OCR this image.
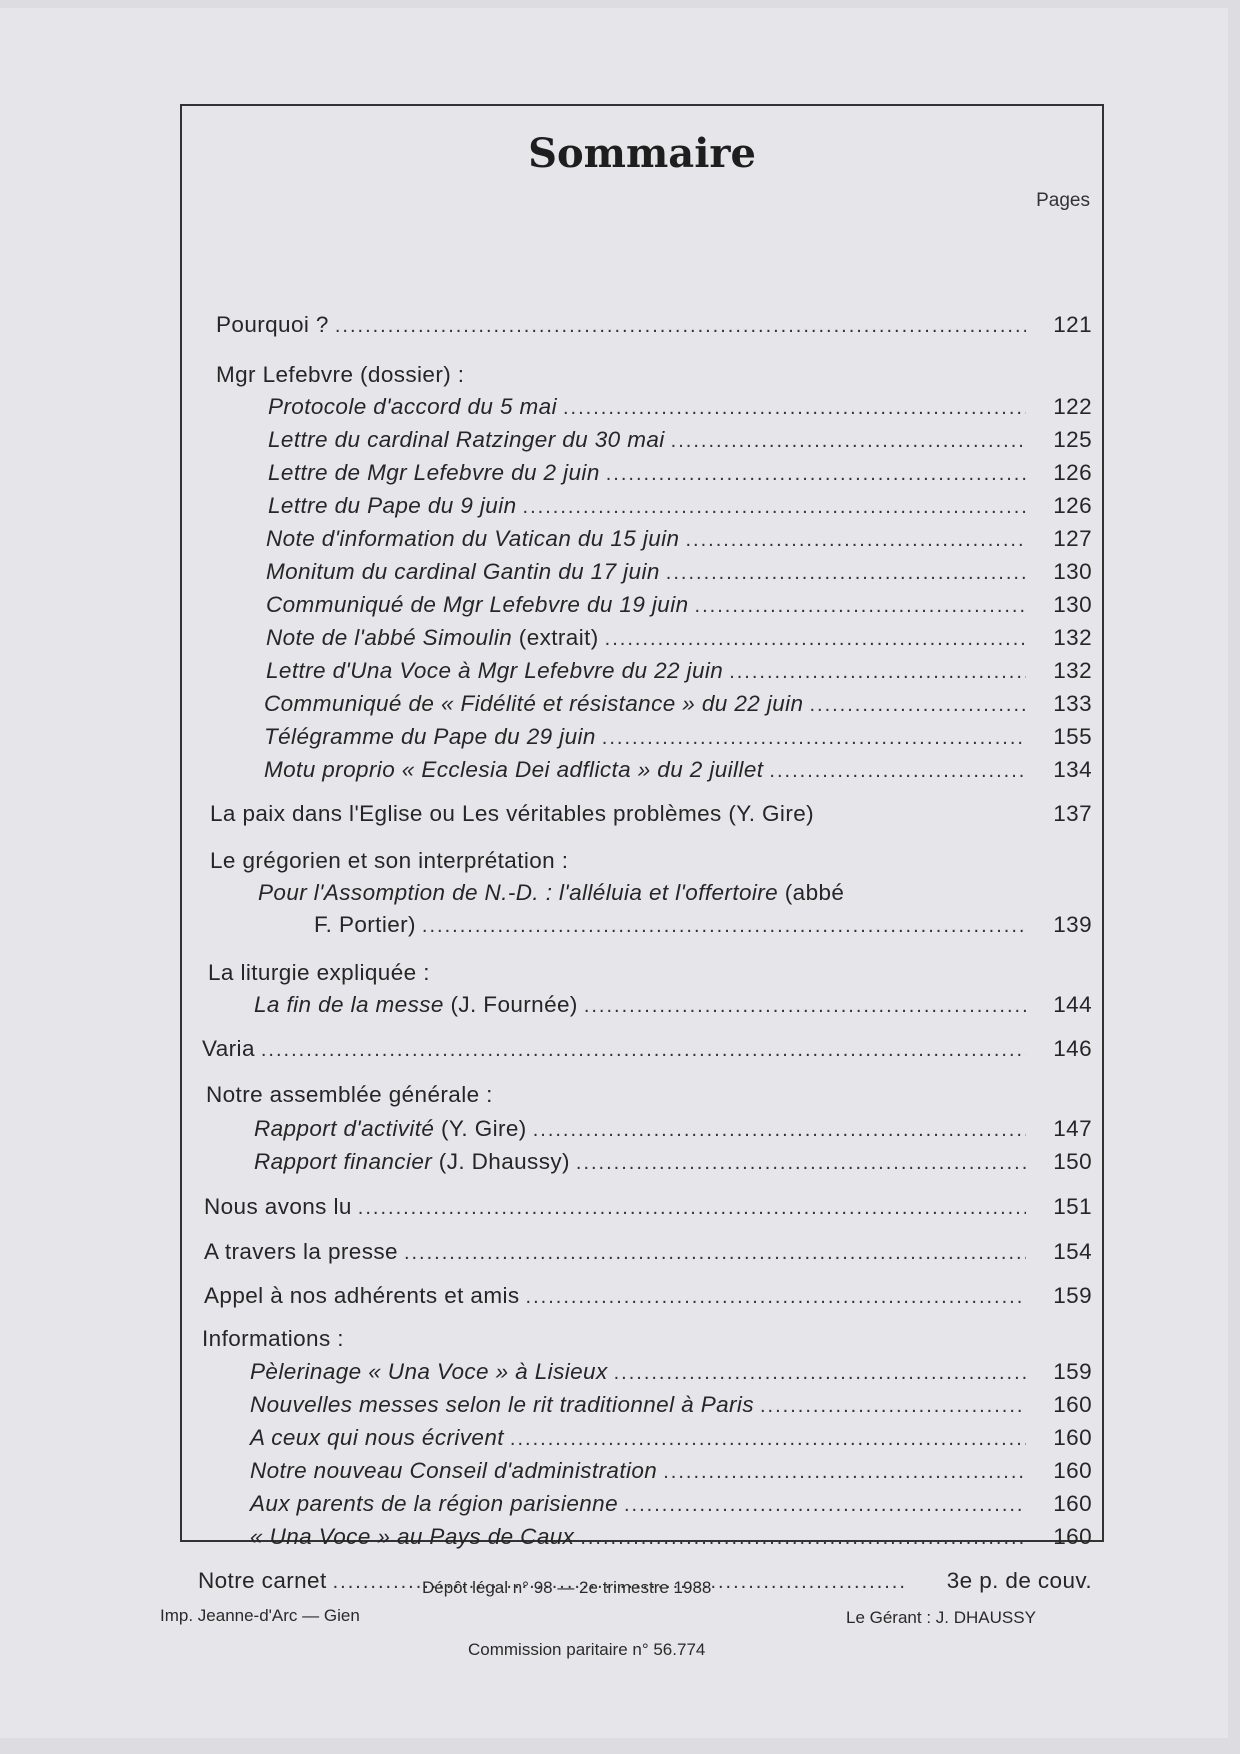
Sommaire
Pages
Pourquoi ? .....	121
Mgr Lefebvre (dossier) :
Protocole d'accord du 5 mai .....	122
Lettre du cardinal Ratzinger du 30 mai .....	125
Lettre de Mgr Lefebvre du 2 juin .....	126
Lettre du Pape du 9 juin .....	126
Note d'information du Vatican du 15 juin .....	127
Monitum du cardinal Gantin du 17 juin .....	130
Communiqué de Mgr Lefebvre du 19 juin .....	130
Note de l'abbé Simoulin (extrait) .....	132
Lettre d'Una Voce à Mgr Lefebvre du 22 juin .....	132
Communiqué de « Fidélité et résistance » du 22 juin .....	133
Télégramme du Pape du 29 juin .....	155
Motu proprio « Ecclesia Dei adflicta » du 2 juillet .....	134
La paix dans l'Eglise ou Les véritables problèmes (Y. Gire)	137
Le grégorien et son interprétation :
Pour l'Assomption de N.-D. : l'alléluia et l'offertoire (abbé
F. Portier) .....	139
La liturgie expliquée :
La fin de la messe (J. Fournée) .....	144
Varia .....	146
Notre assemblée générale :
Rapport d'activité (Y. Gire) .....	147
Rapport financier (J. Dhaussy) .....	150
Nous avons lu .....	151
A travers la presse .....	154
Appel à nos adhérents et amis .....	159
Informations :
Pèlerinage « Una Voce » à Lisieux .....	159
Nouvelles messes selon le rit traditionnel à Paris .....	160
A ceux qui nous écrivent .....	160
Notre nouveau Conseil d'administration .....	160
Aux parents de la région parisienne .....	160
« Una Voce » au Pays de Caux .....	160
Notre carnet .....	3e p. de couv.
Dépôt légal n° 98 — 2e trimestre 1988
Imp. Jeanne-d'Arc — Gien	Le Gérant : J. DHAUSSY
Commission paritaire n° 56.774
